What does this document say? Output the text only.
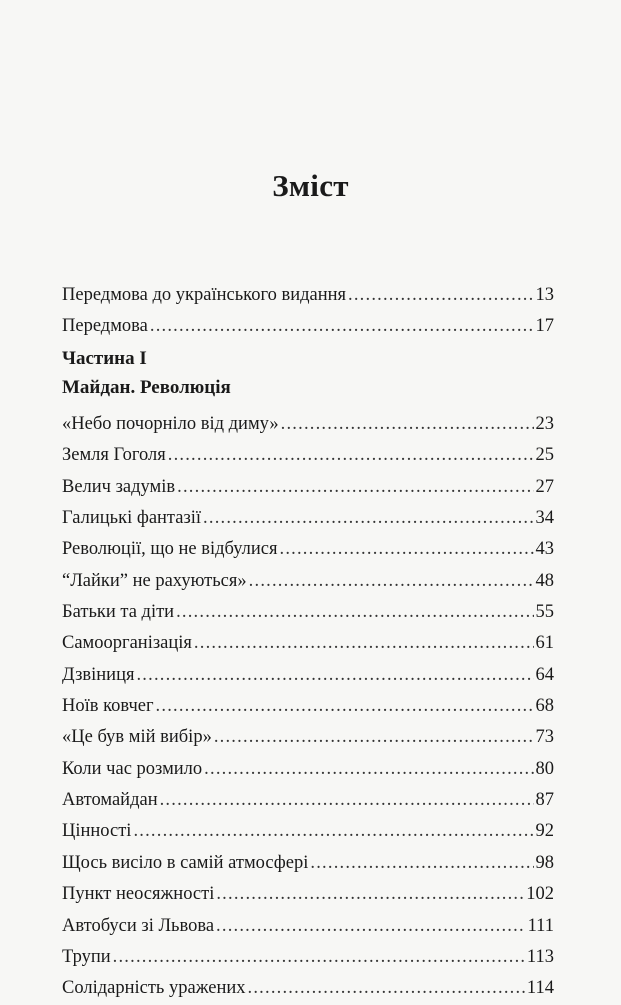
Зміст
Передмова до українського видання .....	13
Передмова .....	17
Частина I
Майдан. Революція
«Небо почорніло від диму» .....	23
Земля Гоголя .....	25
Велич задумів .....	27
Галицькі фантазії .....	34
Революції, що не відбулися .....	43
“Лайки” не рахуються» .....	48
Батьки та діти .....	55
Самоорганізація .....	61
Дзвіниця .....	64
Ноїв ковчег .....	68
«Це був мій вибір» .....	73
Коли час розмило .....	80
Автомайдан .....	87
Цінності .....	92
Щось висіло в самій атмосфері .....	98
Пункт неосяжності .....	102
Автобуси зі Львова .....	111
Трупи .....	113
Солідарність уражених .....	114
